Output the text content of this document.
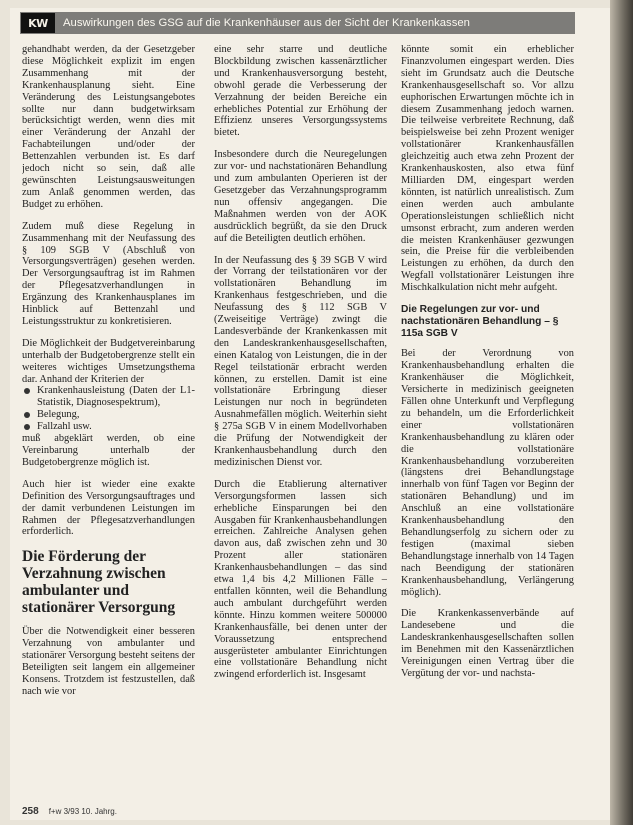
KW Auswirkungen des GSG auf die Krankenhäuser aus der Sicht der Krankenkassen

gehandhabt werden, da der Gesetzgeber diese Möglichkeit explizit im engen Zusammenhang mit der Krankenhausplanung sieht. Eine Veränderung des Leistungsangebotes sollte nur dann budgetwirksam berücksichtigt werden, wenn dies mit einer Veränderung der Anzahl der Fachabteilungen und/oder der Bettenzahlen verbunden ist. Es darf jedoch nicht so sein, daß alle gewünschten Leistungsausweitungen zum Anlaß genommen werden, das Budget zu erhöhen.

Zudem muß diese Regelung in Zusammenhang mit der Neufassung des § 109 SGB V (Abschluß von Versorgungsverträgen) gesehen werden. Der Versorgungsauftrag ist im Rahmen der Pflegesatzverhandlungen in Ergänzung des Krankenhausplanes im Hinblick auf Bettenzahl und Leistungsstruktur zu konkretisieren.

Die Möglichkeit der Budgetvereinbarung unterhalb der Budgetobergrenze stellt ein weiteres wichtiges Umsetzungsthema dar. Anhand der Kriterien der

Krankenhausleistung (Daten der L1-Statistik, Diagnosespektrum),
Belegung,
Fallzahl usw.

muß abgeklärt werden, ob eine Vereinbarung unterhalb der Budgetobergrenze möglich ist.

Auch hier ist wieder eine exakte Definition des Versorgungsauftrages und der damit verbundenen Leistungen im Rahmen der Pflegesatzverhandlungen erforderlich.

Die Förderung der Verzahnung zwischen ambulanter und stationärer Versorgung

Über die Notwendigkeit einer besseren Verzahnung von ambulanter und stationärer Versorgung besteht seitens der Beteiligten seit langem ein allgemeiner Konsens. Trotzdem ist festzustellen, daß nach wie vor

eine sehr starre und deutliche Blockbildung zwischen kassenärztlicher und Krankenhausversorgung besteht, obwohl gerade die Verbesserung der Verzahnung der beiden Bereiche ein erhebliches Potential zur Erhöhung der Effizienz unseres Versorgungssystems bietet.

Insbesondere durch die Neuregelungen zur vor- und nachstationären Behandlung und zum ambulanten Operieren ist der Gesetzgeber das Verzahnungsprogramm nun offensiv angegangen. Die Maßnahmen werden von der AOK ausdrücklich begrüßt, da sie den Druck auf die Beteiligten deutlich erhöhen.

In der Neufassung des § 39 SGB V wird der Vorrang der teilstationären vor der vollstationären Behandlung im Krankenhaus festgeschrieben, und die Neufassung des § 112 SGB V (Zweiseitige Verträge) zwingt die Landesverbände der Krankenkassen mit den Landeskrankenhausgesellschaften, einen Katalog von Leistungen, die in der Regel teilstationär erbracht werden können, zu erstellen. Damit ist eine vollstationäre Erbringung dieser Leistungen nur noch in begründeten Ausnahmefällen möglich. Weiterhin sieht § 275a SGB V in einem Modellvorhaben die Prüfung der Notwendigkeit der Krankenhausbehandlung durch den medizinischen Dienst vor.

Durch die Etablierung alternativer Versorgungsformen lassen sich erhebliche Einsparungen bei den Ausgaben für Krankenhausbehandlungen erreichen. Zahlreiche Analysen gehen davon aus, daß zwischen zehn und 30 Prozent aller stationären Krankenhausbehandlungen – das sind etwa 1,4 bis 4,2 Millionen Fälle – entfallen könnten, weil die Behandlung auch ambulant durchgeführt werden könnte. Hinzu kommen weitere 500000 Krankenhausfälle, bei denen unter der Voraussetzung entsprechend ausgerüsteter ambulanter Einrichtungen eine vollstationäre Behandlung nicht zwingend erforderlich ist. Insgesamt

könnte somit ein erheblicher Finanzvolumen eingespart werden. Dies sieht im Grundsatz auch die Deutsche Krankenhausgesellschaft so. Vor allzu euphorischen Erwartungen möchte ich in diesem Zusammenhang jedoch warnen. Die teilweise verbreitete Rechnung, daß beispielsweise bei zehn Prozent weniger vollstationärer Krankenhausfällen gleichzeitig auch etwa zehn Prozent der Krankenhauskosten, also etwa fünf Milliarden DM, eingespart werden könnten, ist natürlich unrealistisch. Zum einen werden auch ambulante Operationsleistungen schließlich nicht umsonst erbracht, zum anderen werden die meisten Krankenhäuser gezwungen sein, die Preise für die verbleibenden Leistungen zu erhöhen, da durch den Wegfall vollstationärer Leistungen ihre Mischkalkulation nicht mehr aufgeht.

Die Regelungen zur vor- und nachstationären Behandlung – § 115a SGB V

Bei der Verordnung von Krankenhausbehandlung erhalten die Krankenhäuser die Möglichkeit, Versicherte in medizinisch geeigneten Fällen ohne Unterkunft und Verpflegung zu behandeln, um die Erforderlichkeit einer vollstationären Krankenhausbehandlung zu klären oder die vollstationäre Krankenhausbehandlung vorzubereiten (längstens drei Behandlungstage innerhalb von fünf Tagen vor Beginn der stationären Behandlung) und im Anschluß an eine vollstationäre Krankenhausbehandlung den Behandlungserfolg zu sichern oder zu festigen (maximal sieben Behandlungstage innerhalb von 14 Tagen nach Beendigung der stationären Krankenhausbehandlung, Verlängerung möglich).

Die Krankenkassenverbände auf Landesebene und die Landeskrankenhausgesellschaften sollen im Benehmen mit den Kassenärztlichen Vereinigungen einen Vertrag über die Vergütung der vor- und nachsta-

258 f+w 3/93 10. Jahrg.
